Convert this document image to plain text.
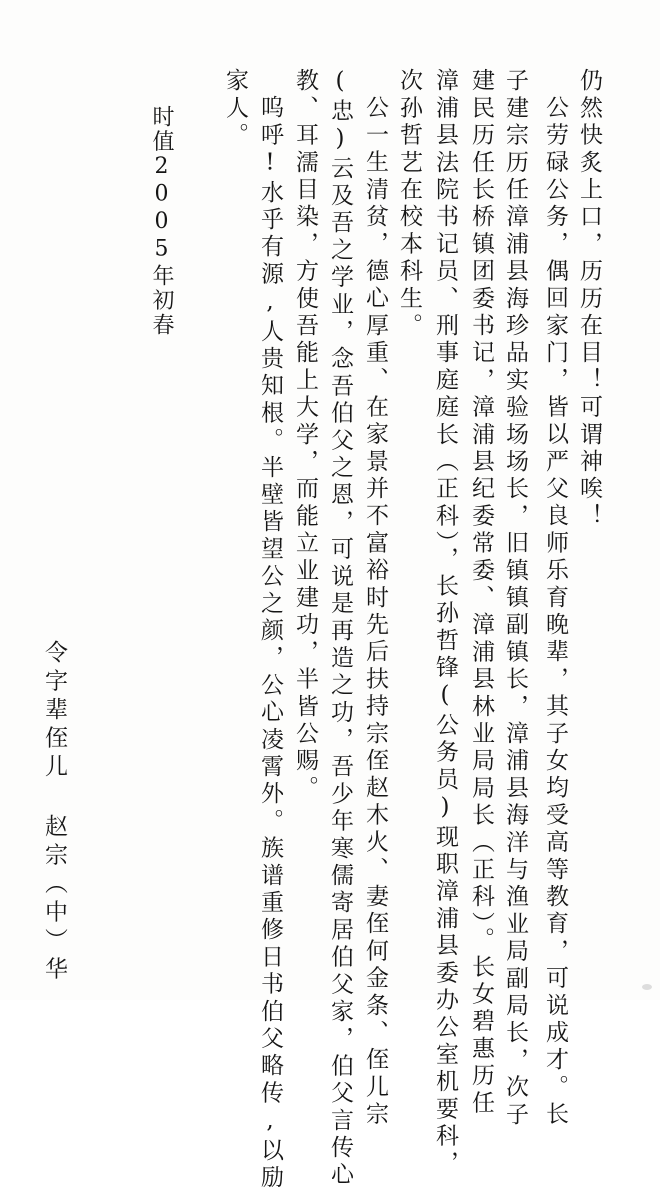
仍然快炙上口，历历在目！可谓神唉！
公劳碌公务，偶回家门，皆以严父良师乐育晚辈，其子女均受高等教育，可说成才。长
子建宗历任漳浦县海珍品实验场场长，旧镇镇副镇长，漳浦县海洋与渔业局副局长，次子
建民历任长桥镇团委书记，漳浦县纪委常委、漳浦县林业局局长（正科）。长女碧惠历任
漳浦县法院书记员、刑事庭庭长（正科），长孙哲锋(公务员)现职漳浦县委办公室机要科，
次孙哲艺在校本科生。
公一生清贫，德心厚重、在家景并不富裕时先后扶持宗侄赵木火、妻侄何金条、侄儿宗
(忠)云及吾之学业，念吾伯父之恩，可说是再造之功，吾少年寒儒寄居伯父家，伯父言传心
教、耳濡目染，方使吾能上大学，而能立业建功，半皆公赐。
呜呼!水乎有源,人贵知根。半壁皆望公之颜，公心凌霄外。族谱重修日书伯父略传,以励
家人。
时值2005年初春
令字辈侄儿 赵宗（中）华
